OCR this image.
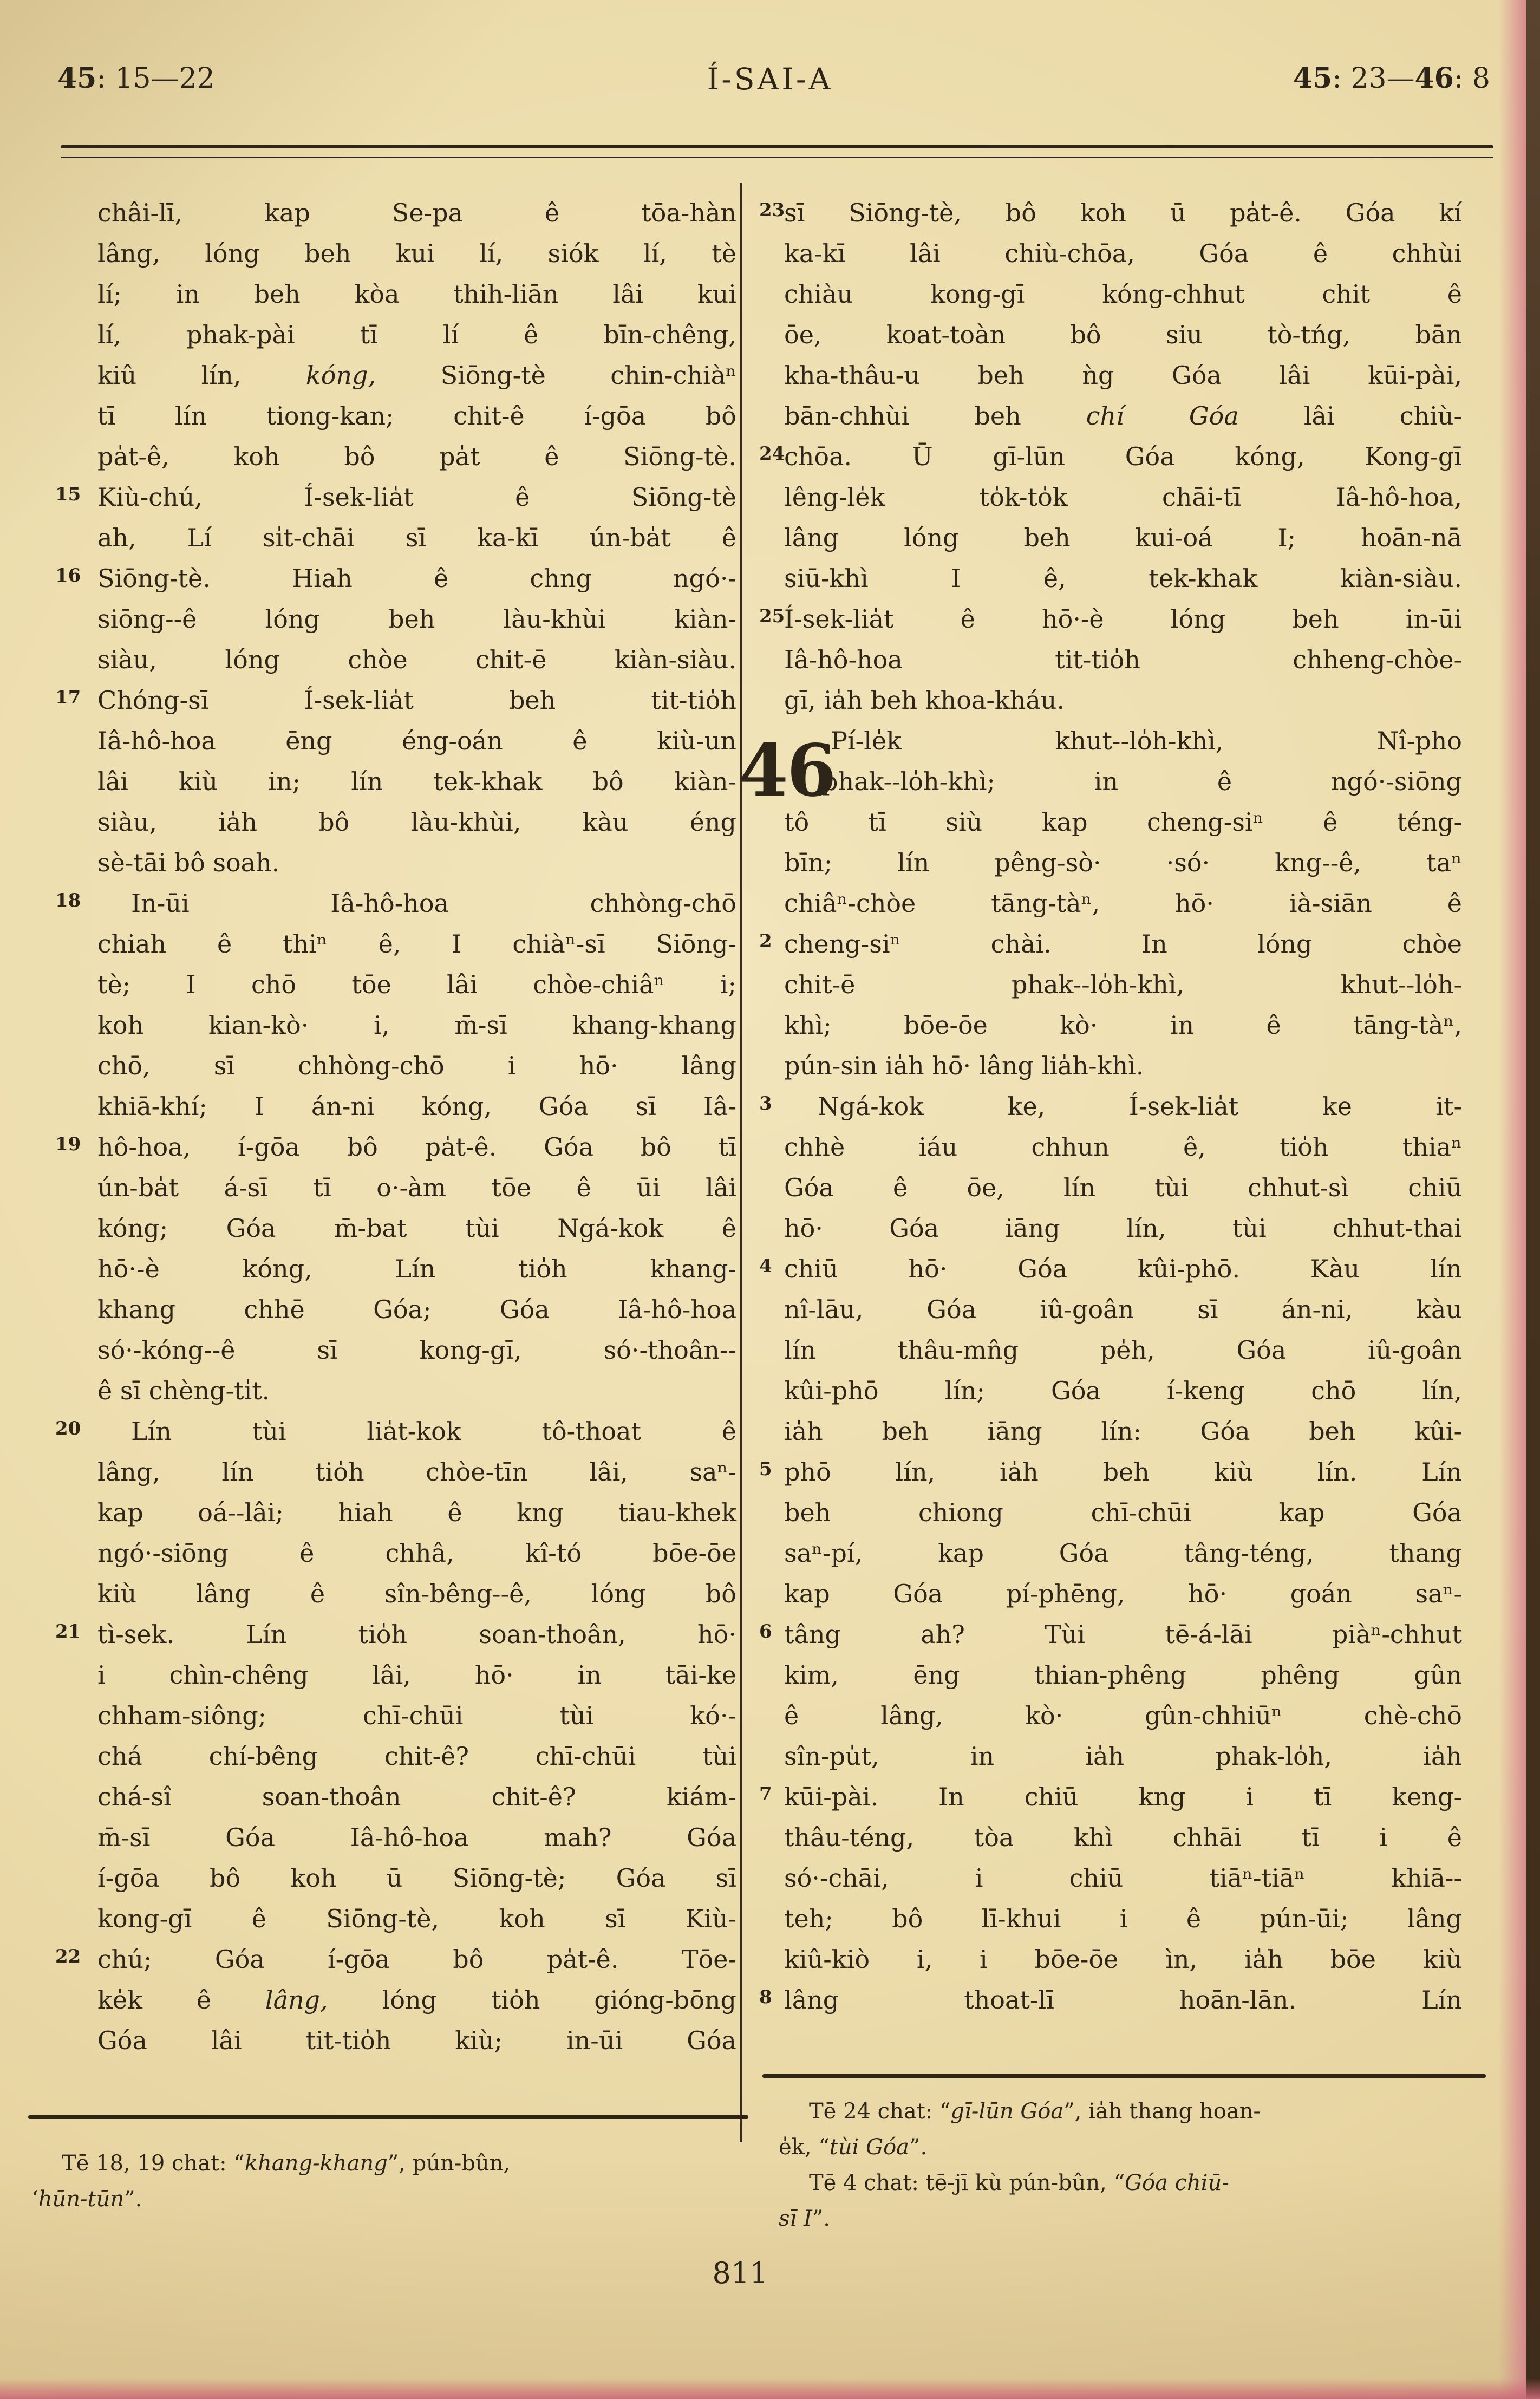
45: 15—22	Í-SAI-A	45: 23—46: 8
châi-lī, kap Se-pa ê tōa-hàn
lâng, lóng beh kui lí, siók lí, tè
lí; in beh kòa thih-liān lâi kui
lí, phak-pài tī lí ê bīn-chêng,
kiû lín, kóng, Siōng-tè chin-chiàⁿ
tī lín tiong-kan; chit-ê í-gōa bô
pa̍t-ê, koh bô pa̍t ê Siōng-tè.
15 Kiù-chú, Í-sek-lia̍t ê Siōng-tè
ah, Lí si̍t-chāi sī ka-kī ún-ba̍t ê
16 Siōng-tè. Hiah ê chng ngó·-
siōng--ê lóng beh làu-khùi kiàn-
siàu, lóng chòe chit-ē kiàn-siàu.
17 Chóng-sī Í-sek-lia̍t beh tit-tio̍h
Iâ-hô-hoa ēng éng-oán ê kiù-un
lâi kiù in; lín tek-khak bô kiàn-
siàu, ia̍h bô làu-khùi, kàu éng
sè-tāi bô soah.
18	In-ūi Iâ-hô-hoa chhòng-chō
chiah ê thiⁿ ê, I chiàⁿ-sī Siōng-
tè; I chō tōe lâi chòe-chiâⁿ i;
koh kian-kò· i, m̄-sī khang-khang
chō, sī chhòng-chō i hō· lâng
khiā-khí; I án-ni kóng, Góa sī Iâ-
19 hô-hoa, í-gōa bô pa̍t-ê. Góa bô tī
ún-ba̍t á-sī tī o·-àm tōe ê ūi lâi
kóng; Góa m̄-bat tùi Ngá-kok ê
hō·-è kóng, Lín tio̍h khang-
khang chhē Góa; Góa Iâ-hô-hoa
só·-kóng--ê sī kong-gī, só·-thoân--
ê sī chèng-ti̍t.
20	Lín tùi lia̍t-kok tô-thoat ê
lâng, lín tio̍h chòe-tīn lâi, saⁿ-
kap oá--lâi; hiah ê kng tiau-khek
ngó·-siōng ê chhâ, kî-tó bōe-ōe
kiù lâng ê sîn-bêng--ê, lóng bô
21 tì-sek. Lín tio̍h soan-thoân, hō·
i chìn-chêng lâi, hō· in tāi-ke
chham-siông; chī-chūi tùi kó·-
chá chí-bêng chit-ê? chī-chūi tùi
chá-sî soan-thoân chit-ê? kiám-
m̄-sī Góa Iâ-hô-hoa mah? Góa
í-gōa bô koh ū Siōng-tè; Góa sī
kong-gī ê Siōng-tè, koh sī Kiù-
22 chú; Góa í-gōa bô pa̍t-ê. Tōe-
ke̍k ê lâng, lóng tio̍h gióng-bōng
Góa lâi tit-tio̍h kiù; in-ūi Góa
46
23
sī Siōng-tè, bô koh ū pa̍t-ê. Góa kí
ka-kī lâi chiù-chōa, Góa ê chhùi
chiàu kong-gī kóng-chhut chit ê
ōe, koat-toàn bô siu tò-tńg, bān
kha-thâu-u beh ǹg Góa lâi kūi-pài,
bān-chhùi beh chí Góa lâi chiù-
24
chōa. Ū gī-lūn Góa kóng, Kong-gī
lêng-le̍k to̍k-to̍k chāi-tī Iâ-hô-hoa,
lâng lóng beh kui-oá I; hoān-nā
siū-khì I ê, tek-khak kiàn-siàu.
25
Í-sek-lia̍t ê hō·-è lóng beh in-ūi
Iâ-hô-hoa tit-tio̍h chheng-chòe-
gī, ia̍h beh khoa-kháu.
Pí-le̍k khut--lo̍h-khì, Nî-pho
phak--lo̍h-khì; in ê ngó·-siōng
tô tī siù kap cheng-siⁿ ê téng-
bīn; lín pêng-sò· ·só· kng--ê, taⁿ
chiâⁿ-chòe tāng-tàⁿ, hō· ià-siān ê
2 cheng-siⁿ chài. In lóng chòe
chit-ē phak--lo̍h-khì, khut--lo̍h-
khì; bōe-ōe kò· in ê tāng-tàⁿ,
pún-sin ia̍h hō· lâng lia̍h-khì.
3	Ngá-kok ke, Í-sek-lia̍t ke it-
chhè iáu chhun ê, tio̍h thiaⁿ
Góa ê ōe, lín tùi chhut-sì chiū
hō· Góa iāng lín, tùi chhut-thai
4 chiū hō· Góa kûi-phō. Kàu lín
nî-lāu, Góa iû-goân sī án-ni, kàu
lín thâu-mn̂g pe̍h, Góa iû-goân
kûi-phō lín; Góa í-keng chō lín,
ia̍h beh iāng lín: Góa beh kûi-
5 phō lín, ia̍h beh kiù lín. Lín
beh chiong chī-chūi kap Góa
saⁿ-pí, kap Góa tâng-téng, thang
kap Góa pí-phēng, hō· goán saⁿ-
6 tâng ah? Tùi tē-á-lāi piàⁿ-chhut
kim, ēng thian-phêng phêng gûn
ê lâng, kò· gûn-chhiūⁿ chè-chō
sîn-pu̍t, in ia̍h phak-lo̍h, ia̍h
7 kūi-pài. In chiū kng i tī keng-
thâu-téng, tòa khì chhāi tī i ê
só·-chāi, i chiū tiāⁿ-tiāⁿ khiā--
teh; bô lī-khui i ê pún-ūi; lâng
kiû-kiò i, i bōe-ōe ìn, ia̍h bōe kiù
8 lâng thoat-lī hoān-lān. Lín
Tē 18, 19 chat: “khang-khang”, pún-bûn,
‘hūn-tūn”.
Tē 24 chat: “gī-lūn Góa”, ia̍h thang hoan-
e̍k, “tùi Góa”.
Tē 4 chat: tē-jī kù pún-bûn, “Góa chiū-
sī I”.
811
